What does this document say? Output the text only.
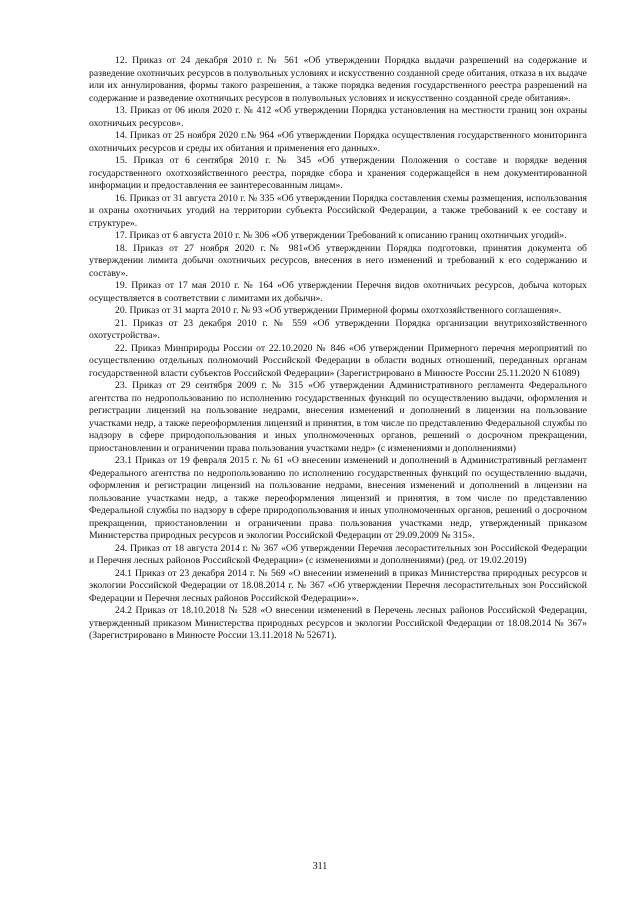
12. Приказ от 24 декабря 2010 г. № 561 «Об утверждении Порядка выдачи разрешений на содержание и разведение охотничьих ресурсов в полувольных условиях и искусственно созданной среде обитания, отказа в их выдаче или их аннулирования, формы такого разрешения, а также порядка ведения государственного реестра разрешений на содержание и разведение охотничьих ресурсов в полувольных условиях и искусственно созданной среде обитания».

13. Приказ от 06 июля 2020 г. № 412 «Об утверждении Порядка установления на местности границ зон охраны охотничьих ресурсов».

14. Приказ от 25 ноября 2020 г.№ 964 «Об утверждении Порядка осуществления государственного мониторинга охотничьих ресурсов и среды их обитания и применения его данных».

15. Приказ от 6 сентября 2010 г. № 345 «Об утверждении Положения о составе и порядке ведения государственного охотхозяйственного реестра, порядке сбора и хранения содержащейся в нем документированной информации и предоставления ее заинтересованным лицам».

16. Приказ от 31 августа 2010 г. № 335 «Об утверждении Порядка составления схемы размещения, использования и охраны охотничьих угодий на территории субъекта Российской Федерации, а также требований к ее составу и структуре».

17. Приказ от 6 августа 2010 г. № 306 «Об утверждении Требований к описанию границ охотничьих угодий».

18. Приказ от 27 ноября 2020 г.№ 981«Об утверждении Порядка подготовки, принятия документа об утверждении лимита добычи охотничьих ресурсов, внесения в него изменений и требований к его содержанию и составу».

19. Приказ от 17 мая 2010 г. № 164 «Об утверждении Перечня видов охотничьих ресурсов, добыча которых осуществляется в соответствии с лимитами их добычи».

20. Приказ от 31 марта 2010 г. № 93 «Об утверждении Примерной формы охотхозяйственного соглашения».

21. Приказ от 23 декабря 2010 г. № 559 «Об утверждении Порядка организации внутрихозяйственного охотустройства».

22. Приказ Минприроды России от 22.10.2020 № 846 «Об утверждении Примерного перечня мероприятий по осуществлению отдельных полномочий Российской Федерации в области водных отношений, переданных органам государственной власти субъектов Российской Федерации» (Зарегистрировано в Минюсте России 25.11.2020 N 61089)

23. Приказ от 29 сентября 2009 г. № 315 «Об утверждении Административного регламента Федерального агентства по недропользованию по исполнению государственных функций по осуществлению выдачи, оформления и регистрации лицензий на пользование недрами, внесения изменений и дополнений в лицензии на пользование участками недр, а также переоформления лицензий и принятия, в том числе по представлению Федеральной службы по надзору в сфере природопользования и иных уполномоченных органов, решений о досрочном прекращении, приостановлении и ограничении права пользования участками недр» (с изменениями и дополнениями)

23.1 Приказ от 19 февраля 2015 г. № 61 «О внесении изменений и дополнений в Административный регламент Федерального агентства по недропользованию по исполнению государственных функций по осуществлению выдачи, оформления и регистрации лицензий на пользование недрами, внесения изменений и дополнений в лицензии на пользование участками недр, а также переоформления лицензий и принятия, в том числе по представлению Федеральной службы по надзору в сфере природопользования и иных уполномоченных органов, решений о досрочном прекращении, приостановлении и ограничении права пользования участками недр, утвержденный приказом Министерства природных ресурсов и экологии Российской Федерации от 29.09.2009 № 315».

24. Приказ от 18 августа 2014 г. № 367 «Об утверждении Перечня лесорастительных зон Российской Федерации и Перечня лесных районов Российской Федерации» (с изменениями и дополнениями) (ред. от 19.02.2019)

24.1 Приказ от 23 декабря 2014 г. № 569 «О внесении изменений в приказ Министерства природных ресурсов и экологии Российской Федерации от 18.08.2014 г. № 367 «Об утверждении Перечня лесорастительных зон Российской Федерации и Перечня лесных районов Российской Федерации»».

24.2 Приказ от 18.10.2018 № 528 «О внесении изменений в Перечень лесных районов Российской Федерации, утвержденный приказом Министерства природных ресурсов и экологии Российской Федерации от 18.08.2014 № 367» (Зарегистрировано в Минюсте России 13.11.2018 № 52671).

311
